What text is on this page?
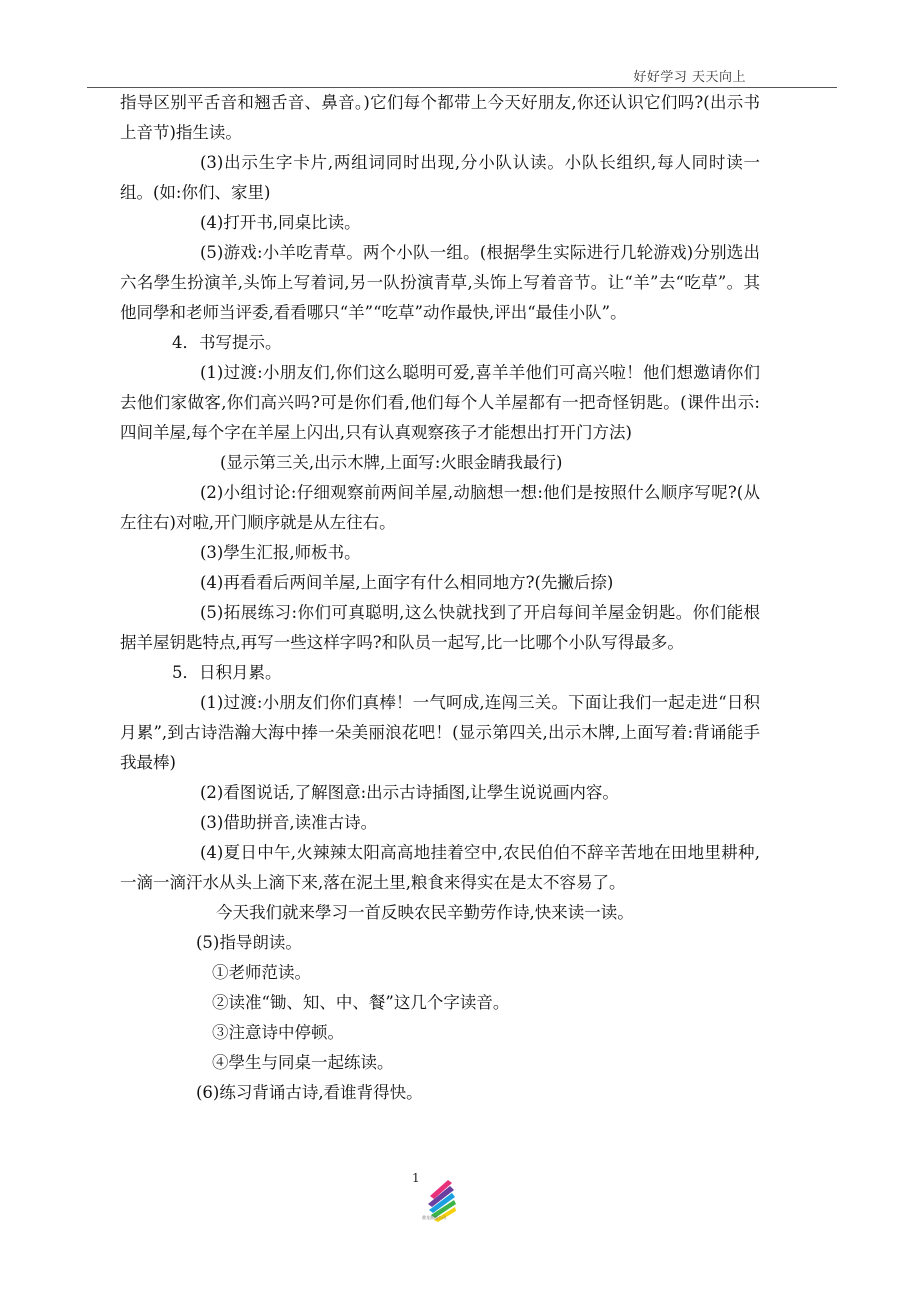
好好学习 天天向上

指导区别平舌音和翘舌音、鼻音。)它们每个都带上今天好朋友,你还认识它们吗?(出示书上音节)指生读。

(3)出示生字卡片,两组词同时出现,分小队认读。小队长组织,每人同时读一组。(如:你们、家里)

(4)打开书,同桌比读。

(5)游戏:小羊吃青草。两个小队一组。(根据學生实际进行几轮游戏)分别选出六名學生扮演羊,头饰上写着词,另一队扮演青草,头饰上写着音节。让“羊”去“吃草”。其他同學和老师当评委,看看哪只“羊”“吃草”动作最快,评出“最佳小队”。

4．书写提示。

(1)过渡:小朋友们,你们这么聪明可爱,喜羊羊他们可高兴啦！他们想邀请你们去他们家做客,你们高兴吗?可是你们看,他们每个人羊屋都有一把奇怪钥匙。(课件出示:四间羊屋,每个字在羊屋上闪出,只有认真观察孩子才能想出打开门方法)

(显示第三关,出示木牌,上面写:火眼金睛我最行)

(2)小组讨论:仔细观察前两间羊屋,动脑想一想:他们是按照什么顺序写呢?(从左往右)对啦,开门顺序就是从左往右。

(3)學生汇报,师板书。

(4)再看看后两间羊屋,上面字有什么相同地方?(先撇后捺)

(5)拓展练习:你们可真聪明,这么快就找到了开启每间羊屋金钥匙。你们能根据羊屋钥匙特点,再写一些这样字吗?和队员一起写,比一比哪个小队写得最多。

5．日积月累。

(1)过渡:小朋友们你们真棒！一气呵成,连闯三关。下面让我们一起走进“日积月累”,到古诗浩瀚大海中捧一朵美丽浪花吧！(显示第四关,出示木牌,上面写着:背诵能手我最棒)

(2)看图说话,了解图意:出示古诗插图,让學生说说画内容。

(3)借助拼音,读准古诗。

(4)夏日中午,火辣辣太阳高高地挂着空中,农民伯伯不辞辛苦地在田地里耕种,一滴一滴汗水从头上滴下来,落在泥土里,粮食来得实在是太不容易了。

今天我们就来學习一首反映农民辛勤劳作诗,快来读一读。

(5)指导朗读。

①老师范读。

②读准“锄、知、中、餐”这几个字读音。

③注意诗中停顿。

④學生与同桌一起练读。

(6)练习背诵古诗,看谁背得快。

1
鼎龙鼎盛公司
